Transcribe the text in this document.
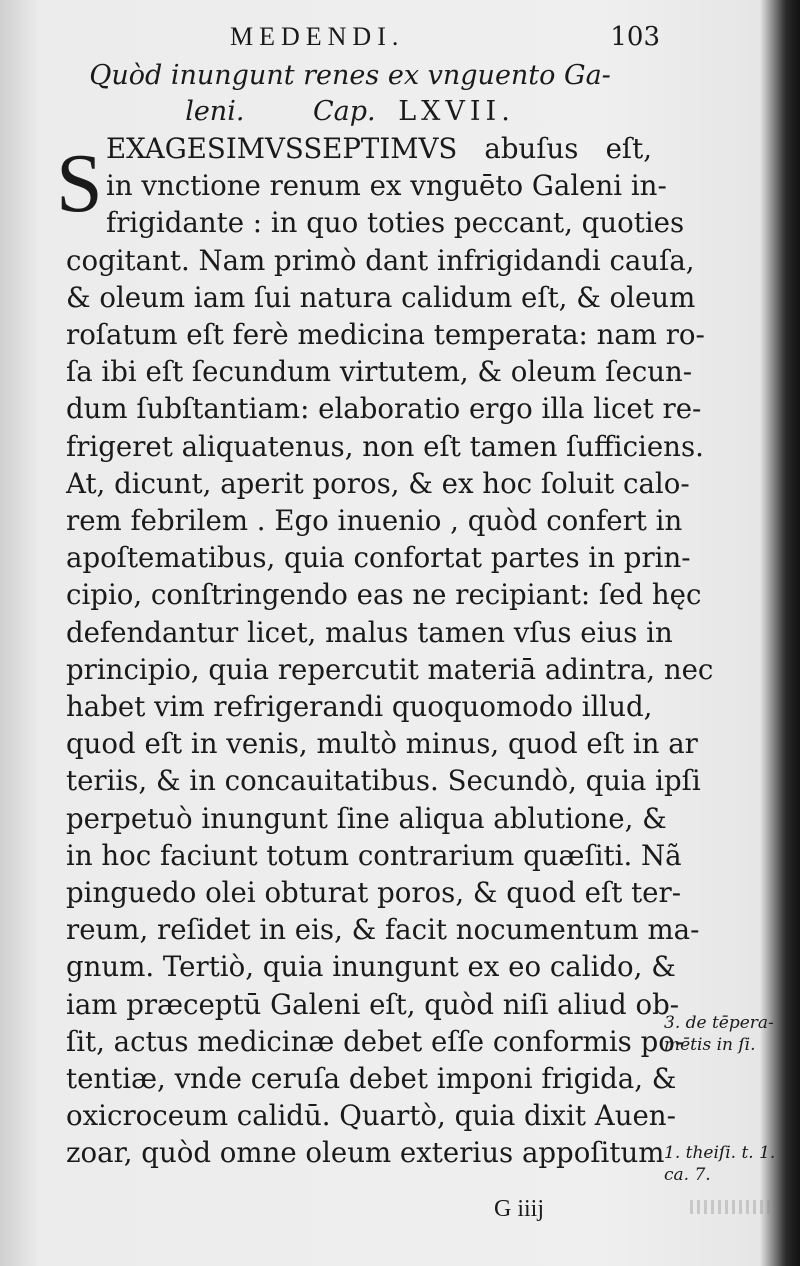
MEDENDI.	103
Quòd inungunt renes ex vnguento Ga-
leni.	Cap. LXVII.
S EXAGESIMVSSEPTIMVS abuſus eſt,
in vnctione renum ex vnguēto Galeni in-
frigidante : in quo toties peccant, quoties
cogitant. Nam primò dant infrigidandi cauſa,
& oleum iam ſui natura calidum eſt, & oleum
roſatum eſt ferè medicina temperata: nam ro-
ſa ibi eſt ſecundum virtutem, & oleum ſecun-
dum ſubſtantiam: elaboratio ergo illa licet re-
frigeret aliquatenus, non eſt tamen ſufficiens.
At, dicunt, aperit poros, & ex hoc ſoluit calo-
rem febrilem . Ego inuenio , quòd confert in
apoſtematibus, quia confortat partes in prin-
cipio, conſtringendo eas ne recipiant: ſed hęc
defendantur licet, malus tamen vſus eius in
principio, quia repercutit materiā adintra, nec
habet vim refrigerandi quoquomodo illud,
quod eſt in venis, multò minus, quod eſt in ar
teriis, & in concauitatibus. Secundò, quia ipſi
perpetuò inungunt ſine aliqua ablutione, &
in hoc faciunt totum contrarium quæſiti. Nã
pinguedo olei obturat poros, & quod eſt ter-
reum, reſidet in eis, & facit nocumentum ma-
gnum. Tertiò, quia inungunt ex eo calido, &
iam præceptū Galeni eſt, quòd niſi aliud ob-
ſit, actus medicinæ debet eſſe conformis po-
tentiæ, vnde ceruſa debet imponi frigida, &
oxicroceum calidū. Quartò, quia dixit Auen-
zoar, quòd omne oleum exterius appoſitum
3. de tēpera-
mētis in ſi.
1. theiſi. t. 1.
ca. 7.
G iiij
